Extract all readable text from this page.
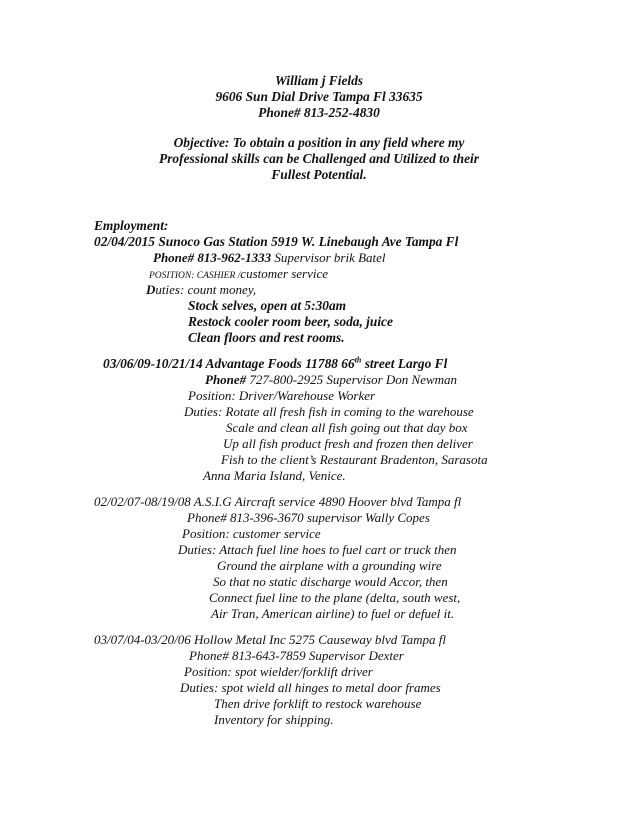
William j Fields
9606 Sun Dial Drive Tampa Fl 33635
Phone# 813-252-4830
Objective: To obtain a position in any field where my
Professional skills can be Challenged and Utilized to their
Fullest Potential.
Employment:
02/04/2015 Sunoco Gas Station 5919 W. Linebaugh Ave Tampa Fl
Phone# 813-962-1333 Supervisor brik Batel
POSITION: CASHIER /customer service
Duties: count money,
Stock selves, open at 5:30am
Restock cooler room beer, soda, juice
Clean floors and rest rooms.
03/06/09-10/21/14 Advantage Foods 11788 66th street Largo Fl
Phone# 727-800-2925 Supervisor Don Newman
Position: Driver/Warehouse Worker
Duties: Rotate all fresh fish in coming to the warehouse
Scale and clean all fish going out that day box
Up all fish product fresh and frozen then deliver
Fish to the client’s Restaurant Bradenton, Sarasota
Anna Maria Island, Venice.
02/02/07-08/19/08 A.S.I.G Aircraft service 4890 Hoover blvd Tampa fl
Phone# 813-396-3670 supervisor Wally Copes
Position: customer service
Duties: Attach fuel line hoes to fuel cart or truck then
Ground the airplane with a grounding wire
So that no static discharge would Accor, then
Connect fuel line to the plane (delta, south west,
Air Tran, American airline) to fuel or defuel it.
03/07/04-03/20/06 Hollow Metal Inc 5275 Causeway blvd Tampa fl
Phone# 813-643-7859 Supervisor Dexter
Position: spot wielder/forklift driver
Duties: spot wield all hinges to metal door frames
Then drive forklift to restock warehouse
Inventory for shipping.
